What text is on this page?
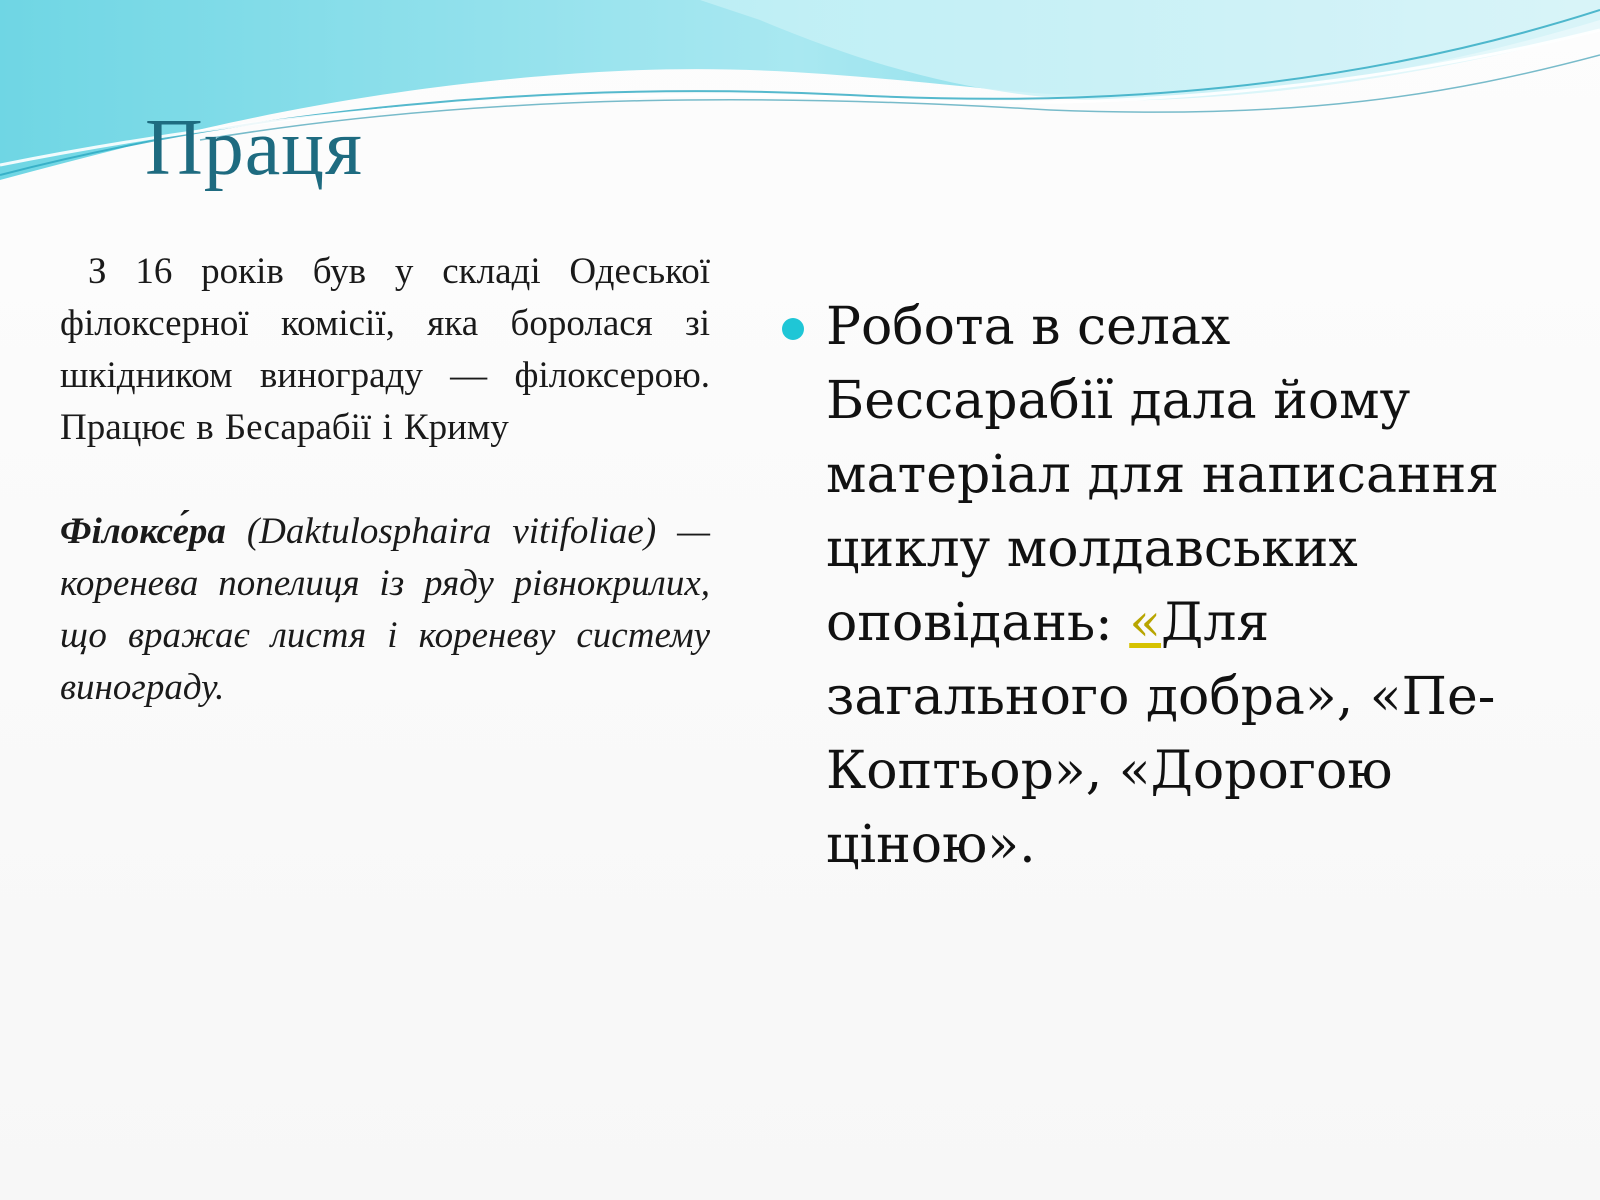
Праця

З 16 років був у складі Одеської філоксерної комісії, яка боролася зі шкідником винограду — філоксерою. Працює в Бесарабії і Криму

Філоксе́ра (Daktulosphaira vitifoliae) — коренева попелиця із ряду рівнокрилих, що вражає листя і кореневу систему винограду.

Робота в селах Бессарабії дала йому матеріал для написання циклу молдавських оповідань: «Для загального добра», «Пе-Коптьор», «Дорогою ціною».
